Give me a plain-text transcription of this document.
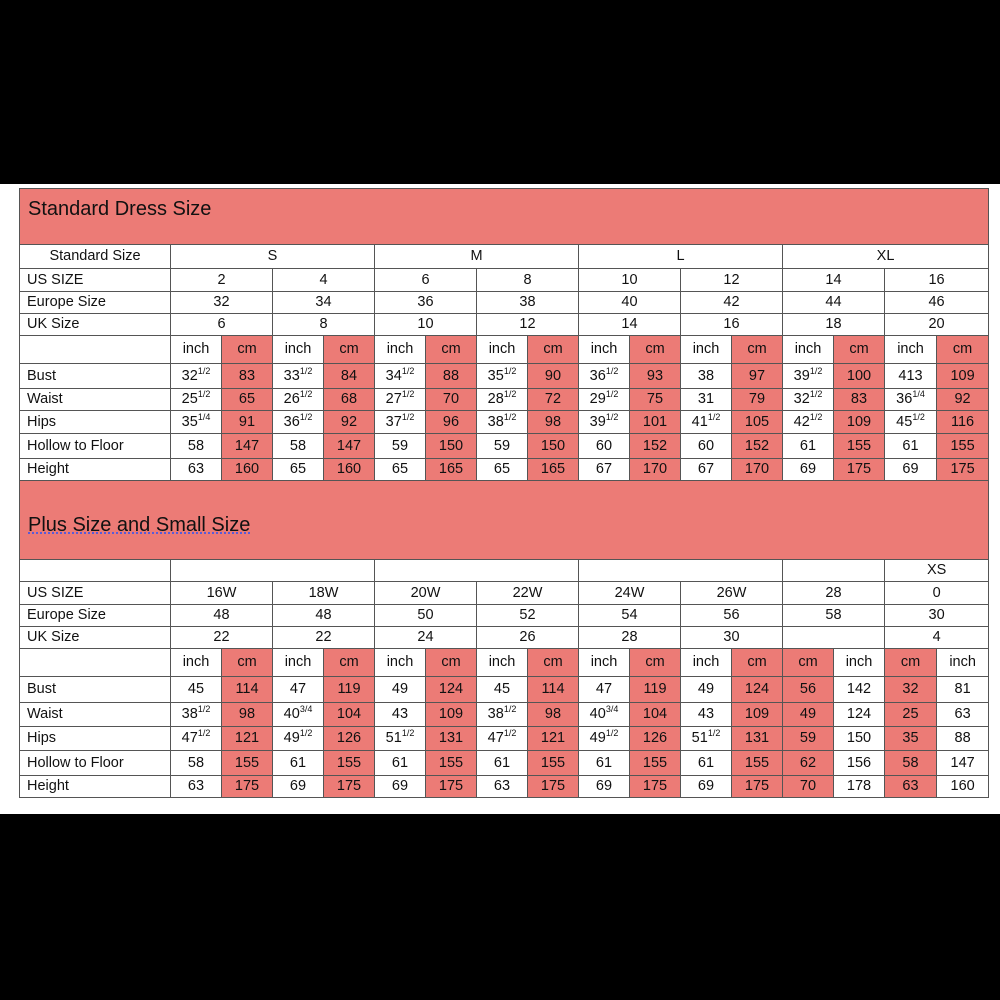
Standard Dress Size																
Standard Size	S				M				L				XL			
US SIZE	2		4		6		8		10		12		14		16	
Europe Size	32		34		36		38		40		42		44		46	
UK Size	6		8		10		12		14		16		18		20	
	inch	cm	inch	cm	inch	cm	inch	cm	inch	cm	inch	cm	inch	cm	inch	cm
Bust	$32^{1/2}$	83	$33^{1/2}$	84	$34^{1/2}$	88	$35^{1/2}$	90	$36^{1/2}$	93	38	97	$39^{1/2}$	100	413	109
Waist	$25^{1/2}$	65	$26^{1/2}$	68	$27^{1/2}$	70	$28^{1/2}$	72	$29^{1/2}$	75	31	79	$32^{1/2}$	83	$36^{1/4}$	92
Hips	$35^{1/4}$	91	$36^{1/2}$	92	$37^{1/2}$	96	$38^{1/2}$	98	$39^{1/2}$	101	$41^{1/2}$	105	$42^{1/2}$	109	$45^{1/2}$	116
Hollow to Floor	58	147	58	147	59	150	59	150	60	152	60	152	61	155	61	155
Height	63	160	65	160	65	165	65	165	67	170	67	170	69	175	69	175
Plus Size and Small Size																
															XS	
US SIZE	16W		18W		20W		22W		24W		26W		28		0	
Europe Size	48		48		50		52		54		56		58		30	
UK Size	22		22		24		26		28		30				4	
	inch	cm	inch	cm	inch	cm	inch	cm	inch	cm	inch	cm	cm	inch	cm	inch
Bust	45	114	47	119	49	124	45	114	47	119	49	124	56	142	32	81
Waist	$38^{1/2}$	98	$40^{3/4}$	104	43	109	$38^{1/2}$	98	$40^{3/4}$	104	43	109	49	124	25	63
Hips	$47^{1/2}$	121	$49^{1/2}$	126	$51^{1/2}$	131	$47^{1/2}$	121	$49^{1/2}$	126	$51^{1/2}$	131	59	150	35	88
Hollow to Floor	58	155	61	155	61	155	61	155	61	155	61	155	62	156	58	147
Height	63	175	69	175	69	175	63	175	69	175	69	175	70	178	63	160
